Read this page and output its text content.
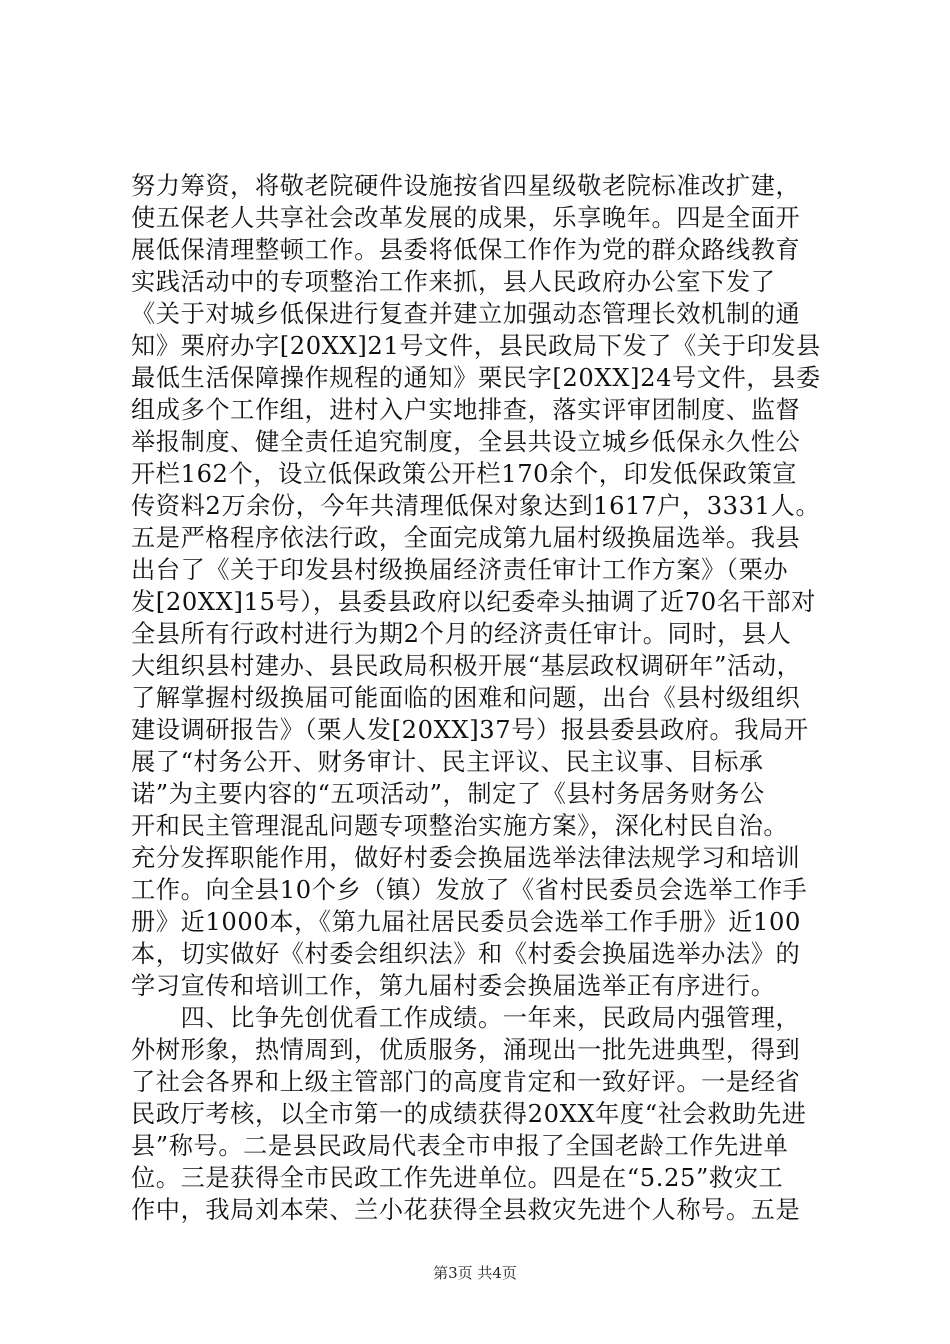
努力筹资，将敬老院硬件设施按省四星级敬老院标准改扩建，
使五保老人共享社会改革发展的成果，乐享晚年。四是全面开
展低保清理整顿工作。县委将低保工作作为党的群众路线教育
实践活动中的专项整治工作来抓，县人民政府办公室下发了
《关于对城乡低保进行复查并建立加强动态管理长效机制的通
知》栗府办字[20XX]21号文件，县民政局下发了《关于印发县
最低生活保障操作规程的通知》栗民字[20XX]24号文件，县委
组成多个工作组，进村入户实地排查，落实评审团制度、监督
举报制度、健全责任追究制度，全县共设立城乡低保永久性公
开栏162个，设立低保政策公开栏170余个，印发低保政策宣
传资料2万余份，今年共清理低保对象达到1617户，3331人。
五是严格程序依法行政，全面完成第九届村级换届选举。我县
出台了《关于印发县村级换届经济责任审计工作方案》（栗办
发[20XX]15号），县委县政府以纪委牵头抽调了近70名干部对
全县所有行政村进行为期2个月的经济责任审计。同时，县人
大组织县村建办、县民政局积极开展“基层政权调研年”活动，
了解掌握村级换届可能面临的困难和问题，出台《县村级组织
建设调研报告》（栗人发[20XX]37号）报县委县政府。我局开
展了“村务公开、财务审计、民主评议、民主议事、目标承
诺”为主要内容的“五项活动”，制定了《县村务居务财务公
开和民主管理混乱问题专项整治实施方案》，深化村民自治。
充分发挥职能作用，做好村委会换届选举法律法规学习和培训
工作。向全县10个乡（镇）发放了《省村民委员会选举工作手
册》近1000本，《第九届社居民委员会选举工作手册》近100
本，切实做好《村委会组织法》和《村委会换届选举办法》的
学习宣传和培训工作，第九届村委会换届选举正有序进行。
　　四、比争先创优看工作成绩。一年来，民政局内强管理，
外树形象，热情周到，优质服务，涌现出一批先进典型，得到
了社会各界和上级主管部门的高度肯定和一致好评。一是经省
民政厅考核，以全市第一的成绩获得20XX年度“社会救助先进
县”称号。二是县民政局代表全市申报了全国老龄工作先进单
位。三是获得全市民政工作先进单位。四是在“5.25”救灾工
作中，我局刘本荣、兰小花获得全县救灾先进个人称号。五是
第3页 共4页
